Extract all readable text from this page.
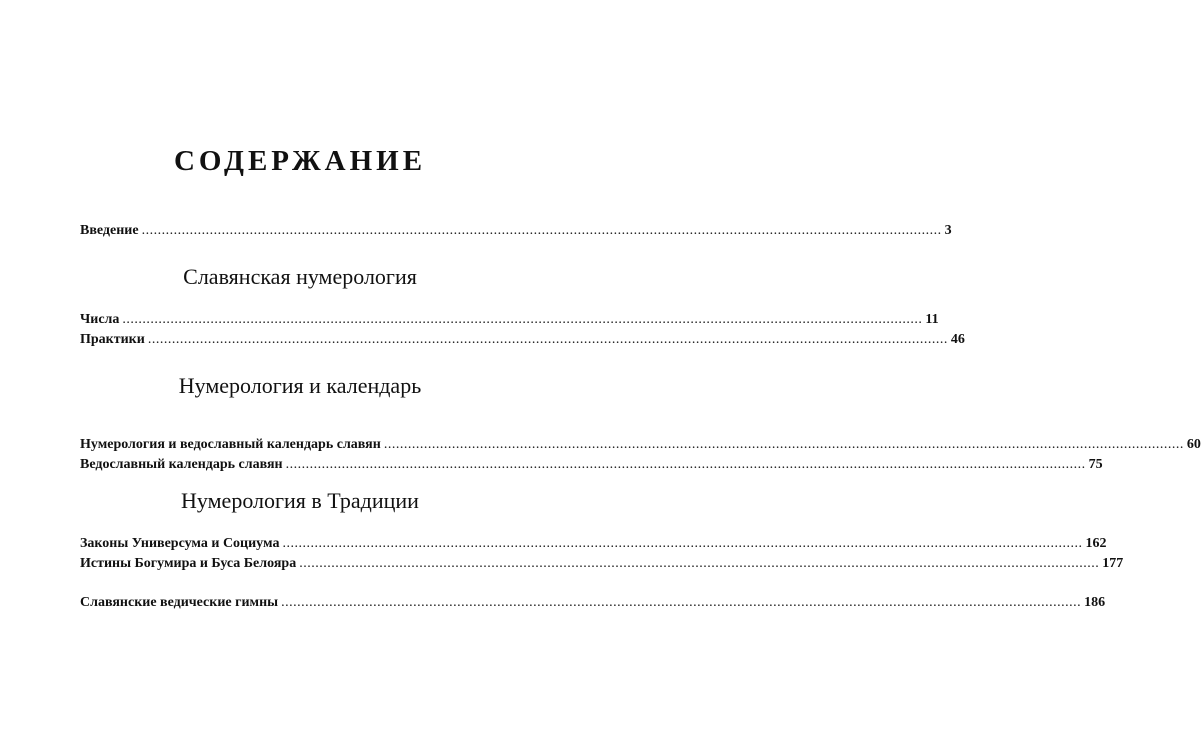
СОДЕРЖАНИЕ
Введение ........................................................................................................................................................................................................ 3
Славянская нумерология
Числа ........................................................................................................................................................................................................ 11
Практики ........................................................................................................................................................................................................ 46
Нумерология и календарь
Нумерология и ведославный календарь славян ........................................................................................................................................................................................................ 60
Ведославный календарь славян ........................................................................................................................................................................................................ 75
Нумерология в Традиции
Законы Универсума и Социума ........................................................................................................................................................................................................ 162
Истины Богумира и Буса Белояра ........................................................................................................................................................................................................ 177
Славянские ведические гимны ........................................................................................................................................................................................................ 186
